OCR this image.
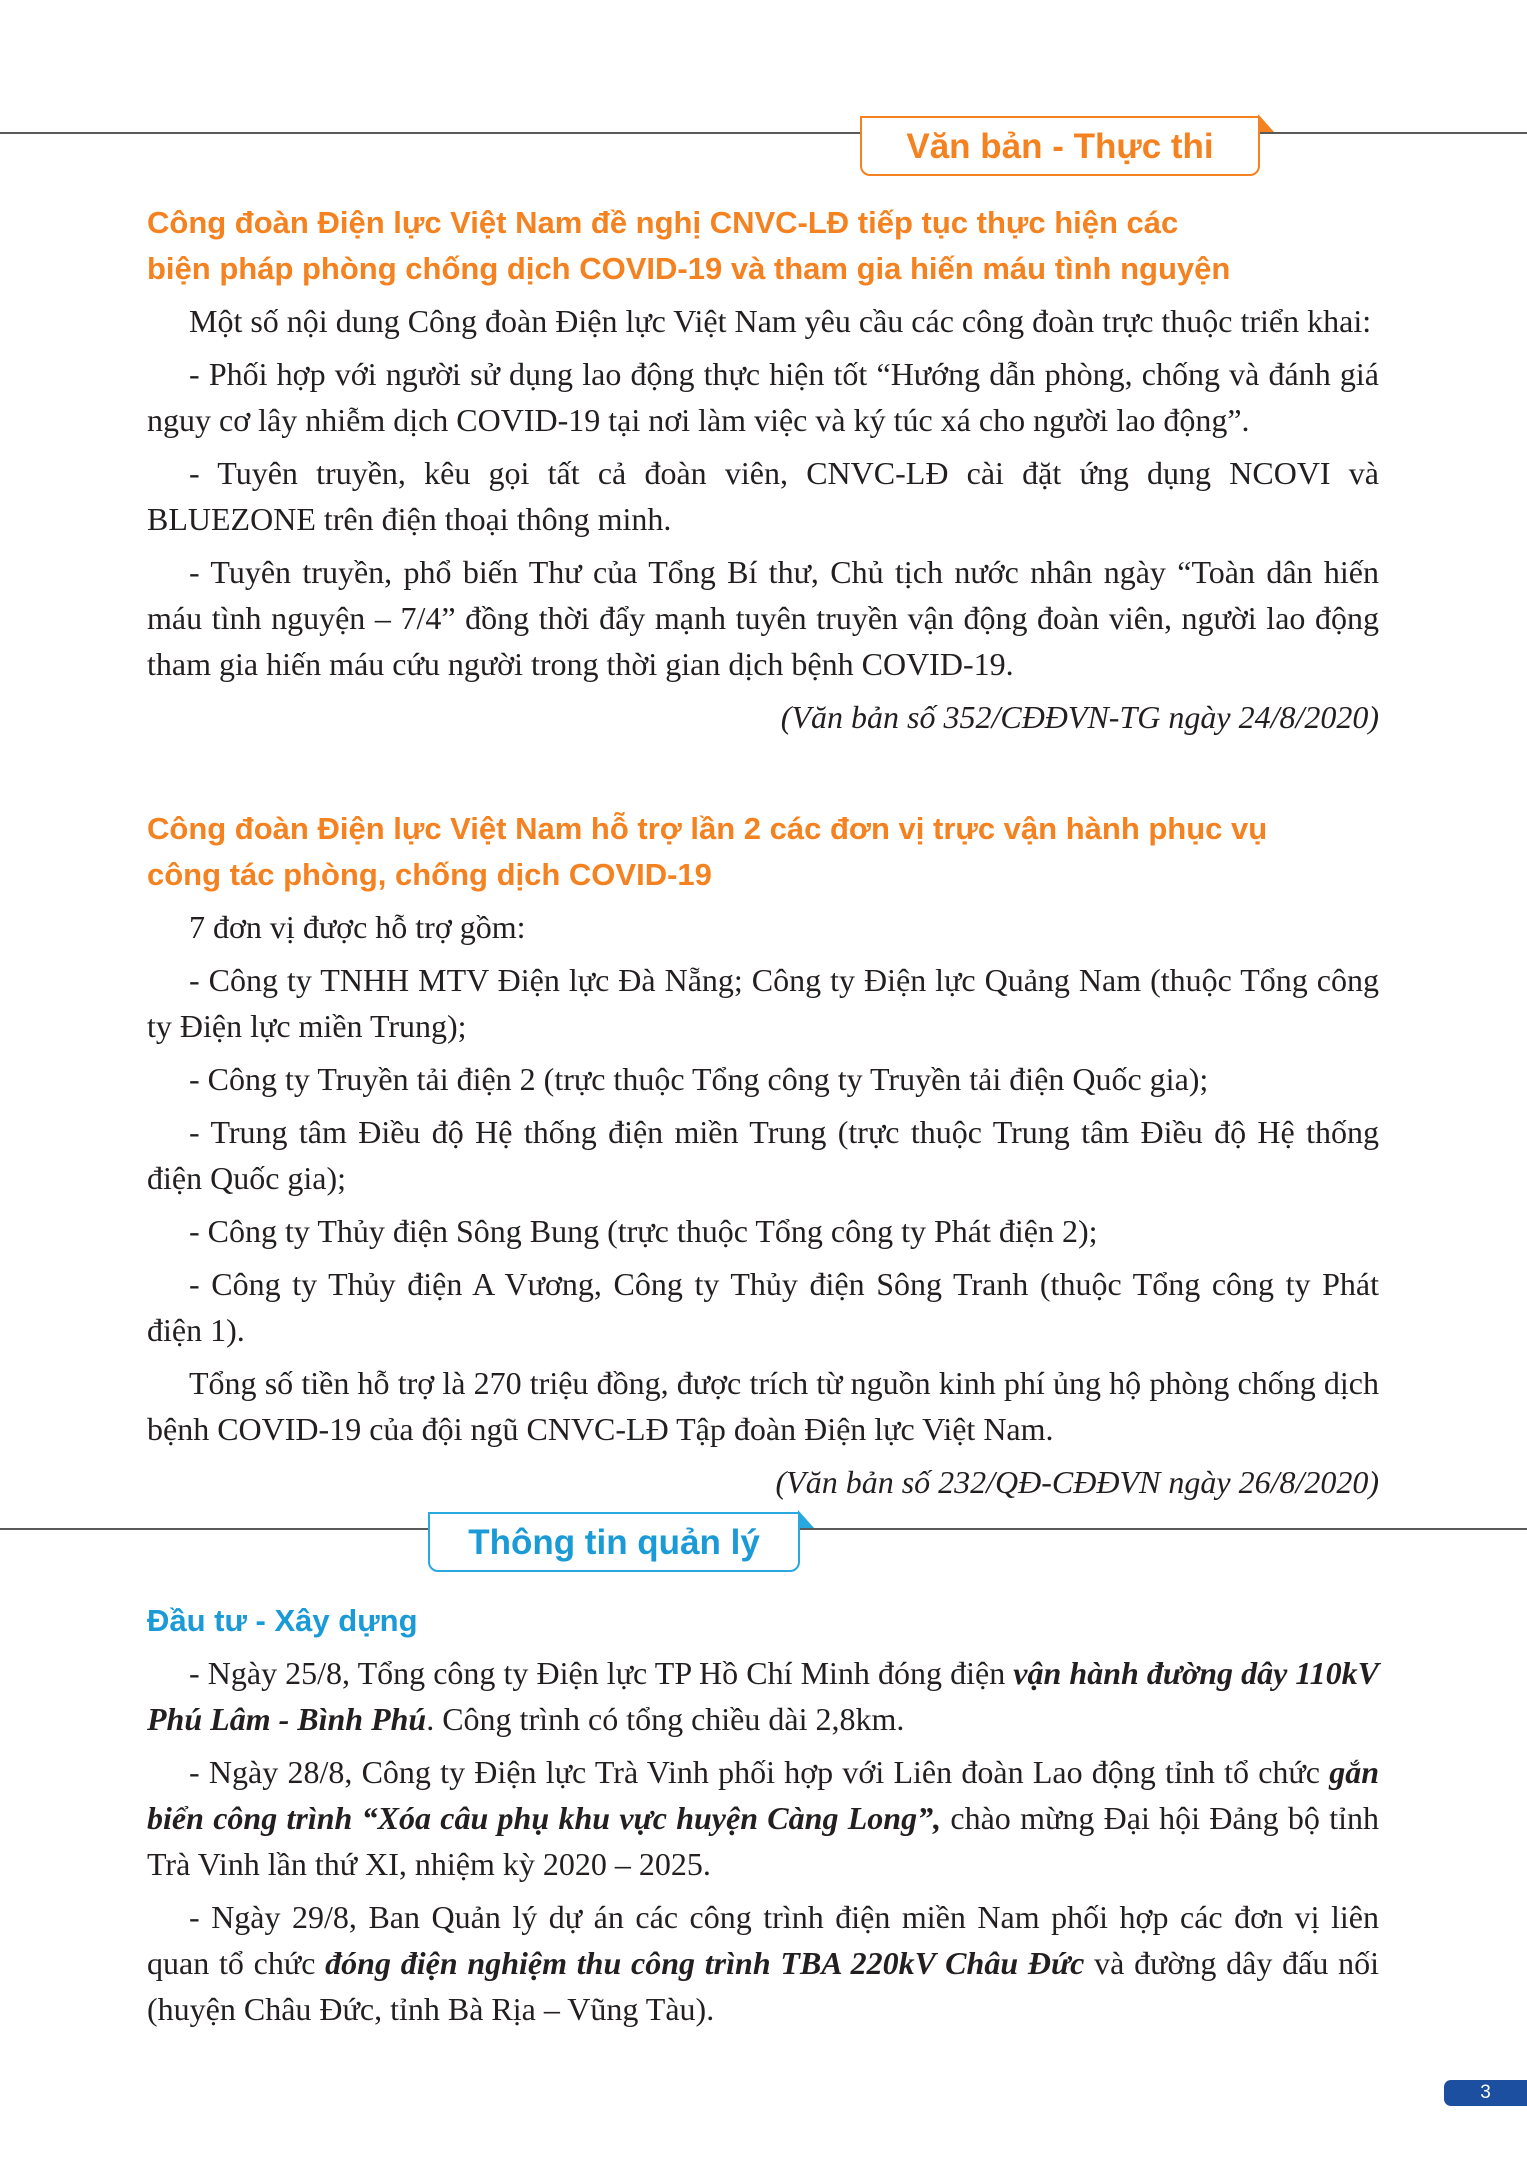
Văn bản - Thực thi
Công đoàn Điện lực Việt Nam đề nghị CNVC-LĐ tiếp tục thực hiện các
biện pháp phòng chống dịch COVID-19 và tham gia hiến máu tình nguyện

Một số nội dung Công đoàn Điện lực Việt Nam yêu cầu các công đoàn trực thuộc triển khai:

- Phối hợp với người sử dụng lao động thực hiện tốt “Hướng dẫn phòng, chống và đánh giá nguy cơ lây nhiễm dịch COVID-19 tại nơi làm việc và ký túc xá cho người lao động”.

- Tuyên truyền, kêu gọi tất cả đoàn viên, CNVC-LĐ cài đặt ứng dụng NCOVI và BLUEZONE trên điện thoại thông minh.

- Tuyên truyền, phổ biến Thư của Tổng Bí thư, Chủ tịch nước nhân ngày “Toàn dân hiến máu tình nguyện – 7/4” đồng thời đẩy mạnh tuyên truyền vận động đoàn viên, người lao động tham gia hiến máu cứu người trong thời gian dịch bệnh COVID-19.

(Văn bản số 352/CĐĐVN-TG ngày 24/8/2020)

Công đoàn Điện lực Việt Nam hỗ trợ lần 2 các đơn vị trực vận hành phục vụ
công tác phòng, chống dịch COVID-19

7 đơn vị được hỗ trợ gồm:

- Công ty TNHH MTV Điện lực Đà Nẵng; Công ty Điện lực Quảng Nam (thuộc Tổng công ty Điện lực miền Trung);

- Công ty Truyền tải điện 2 (trực thuộc Tổng công ty Truyền tải điện Quốc gia);

- Trung tâm Điều độ Hệ thống điện miền Trung (trực thuộc Trung tâm Điều độ Hệ thống điện Quốc gia);

- Công ty Thủy điện Sông Bung (trực thuộc Tổng công ty Phát điện 2);

- Công ty Thủy điện A Vương, Công ty Thủy điện Sông Tranh (thuộc Tổng công ty Phát điện 1).

Tổng số tiền hỗ trợ là 270 triệu đồng, được trích từ nguồn kinh phí ủng hộ phòng chống dịch bệnh COVID-19 của đội ngũ CNVC-LĐ Tập đoàn Điện lực Việt Nam.

(Văn bản số 232/QĐ-CĐĐVN ngày 26/8/2020)

Thông tin quản lý
Đầu tư - Xây dựng

- Ngày 25/8, Tổng công ty Điện lực TP Hồ Chí Minh đóng điện vận hành đường dây 110kV Phú Lâm - Bình Phú. Công trình có tổng chiều dài 2,8km.

- Ngày 28/8, Công ty Điện lực Trà Vinh phối hợp với Liên đoàn Lao động tỉnh tổ chức gắn biển công trình “Xóa câu phụ khu vực huyện Càng Long”, chào mừng Đại hội Đảng bộ tỉnh Trà Vinh lần thứ XI, nhiệm kỳ 2020 – 2025.

- Ngày 29/8, Ban Quản lý dự án các công trình điện miền Nam phối hợp các đơn vị liên quan tổ chức đóng điện nghiệm thu công trình TBA 220kV Châu Đức và đường dây đấu nối (huyện Châu Đức, tỉnh Bà Rịa – Vũng Tàu).

3
